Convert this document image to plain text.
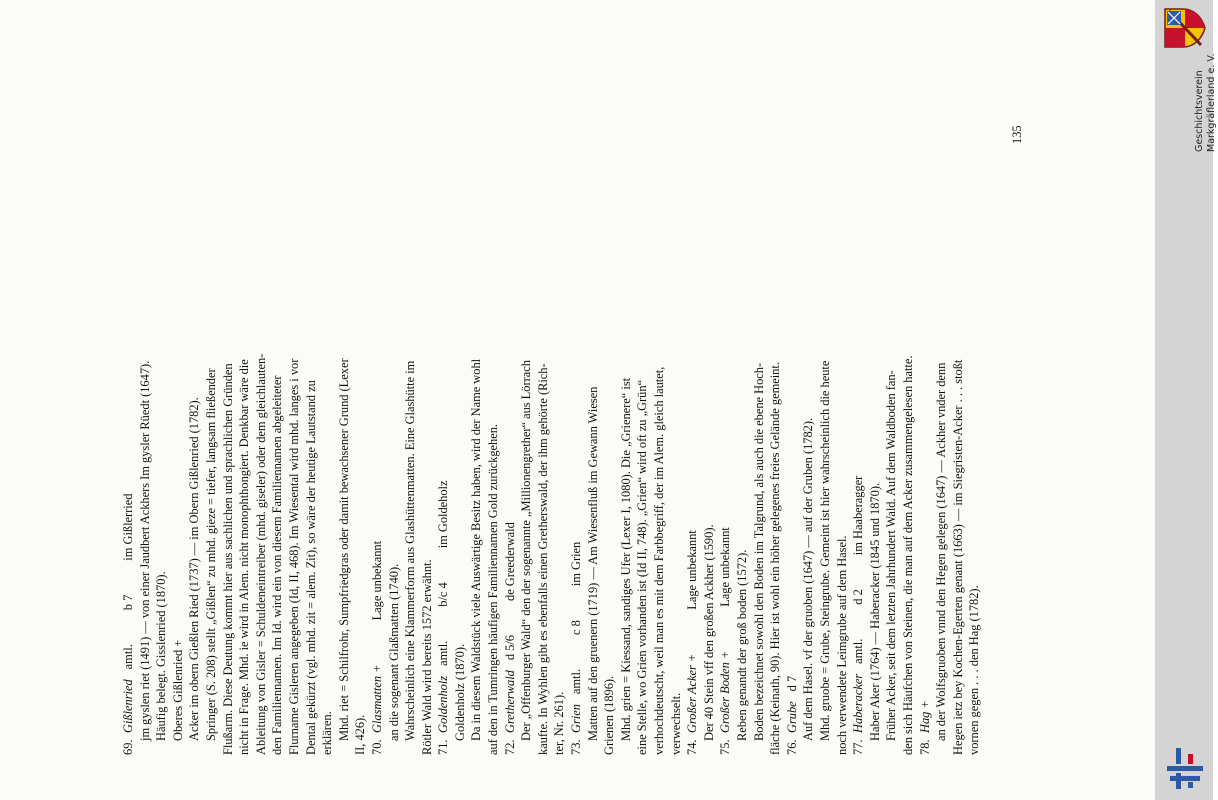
69.Gißlenriedamtl.b 7im Gißlerried jm gyslen riet (1491) — von einer Jaudbert Ackhers Im gysler Rüedt (1647). Häufig belegt. Gisslenried (1870). Oberes Gißlenried + Acker im obern Gießlen Ried (1737) — im Obern Gißlenried (1782). Springer (S. 208) stellt „Gißlen“ zu mhd. gieze = tiefer, langsam fließender Flußarm. Diese Deutung kommt hier aus sachlichen und sprachlichen Gründen nicht in Frage. Mhd. ie wird in Alem. nicht monophthongiert. Denkbar wäre die Ableitung von Gisler = Schuldeneintreiber (mhd. giseler) oder dem gleichlauten- den Familiennamen. Im Id. wird ein von diesem Familiennamen abgeleiteter Flurname Gisleren angegeben (Id, II, 468). Im Wiesental wird mhd. langes i vor Dental gekürzt (vgl. mhd. zit = alem. Zit), so wäre der heutige Lautstand zu erklären. Mhd. riet = Schilfrohr, Sumpfriedgras oder damit bewachsener Grund (Lexer II, 426). 70.Glasmatten +Lage unbekannt an die sogenant Glaßmatten (1740). Wahrscheinlich eine Klammerform aus Glashüttenmatten. Eine Glashütte im Rötler Wald wird bereits 1572 erwähnt. 71.Goldenholzamtl.b/c 4im Goldeholz
Goldenholz (1870). Da in diesem Waldstück viele Auswärtige Besitz haben, wird der Name wohl auf den in Tumringen häufigen Familiennamen Gold zurückgehen. 72.Gretherwaldd 5/6de Greederwald Der „Offenburger Wald“ den der sogenannte „Millionengrether“ aus Lörrach kaufte. In Wyhlen gibt es ebenfalls einen Gretherswald, der ihm gehörte (Rich- ter, Nr. 261). 73.Grienamtl.c 8im Grien Matten auf den gruenern (1719) — Am Wiesenfluß im Gewann Wiesen Grienen (1896). Mhd. grien = Kiessand, sandiges Ufer (Lexer I, 1080). Die „Grienere“ ist eine Stelle, wo Grien vorhanden ist (Id II, 748). „Grien“ wird oft zu „Grün“ verhochdeutscht, weil man es mit dem Farbbegriff, der im Alem. gleich lautet, verwechselt. 74.Großer Acker +Lage unbekannt Der 40 Stein vff den großen Ackher (1590).
75.Großer Boden +Lage unbekannt Reben genandt der groß boden (1572). Boden bezeichnet sowohl den Boden im Talgrund, als auch die ebene Hoch- fläche (Keinath, 90). Hier ist wohl ein höher gelegenes freies Gelände gemeint. 76.Grubed 7 Auf dem Hasel. vf der gruoben (1647) — auf der Gruben (1782). Mhd. gruobe = Grube, Steingrube. Gemeint ist hier wahrscheinlich die heute noch verwendete Leimgrube auf dem Hasel. 77.Haberackeramtl.d 2im Haaberagger Haber Aker (1764) — Haberacker (1845 und 1870). Früher Acker, seit dem letzten Jahrhundert Wald. Auf dem Waldboden fan- den sich Häufchen von Steinen, die man auf dem Acker zusammengelesen hatte. 78.Hag + an der Wolfsgruoben vnnd den Hegen gelegen (1647) — Ackher vnder denn Hegen ietz bey Kochen-Egerten genant (1663) — im Siegristen-Acker . . . stoßt vornen gegen . . . den Hag (1782).
135	Geschichtsverein Markgräflerland e. V.
